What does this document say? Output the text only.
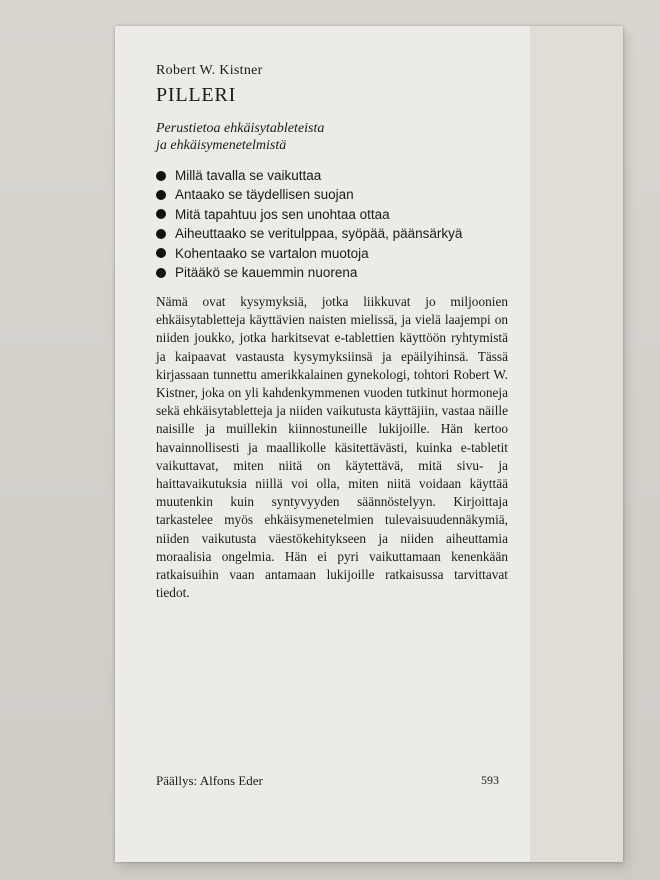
Robert W. Kistner
PILLERI
Perustietoa ehkäisytableteista
ja ehkäisymenetelmistä
Millä tavalla se vaikuttaa
Antaako se täydellisen suojan
Mitä tapahtuu jos sen unohtaa ottaa
Aiheuttaako se veritulppaa, syöpää, päänsärkyä
Kohentaako se vartalon muotoja
Pitääkö se kauemmin nuorena

Nämä ovat kysymyksiä, jotka liikkuvat jo miljoonien ehkäisytabletteja käyttävien naisten mielissä, ja vielä laajempi on niiden joukko, jotka harkitsevat e-tablettien käyttöön ryhtymistä ja kaipaavat vastausta kysymyksiinsä ja epäilyihinsä. Tässä kirjassaan tunnettu amerikkalainen gynekologi, tohtori Robert W. Kistner, joka on yli kahdenkymmenen vuoden tutkinut hormoneja sekä ehkäisytabletteja ja niiden vaikutusta käyttäjiin, vastaa näille naisille ja muillekin kiinnostuneille lukijoille. Hän kertoo havainnollisesti ja maallikolle käsitettävästi, kuinka e-tabletit vaikuttavat, miten niitä on käytettävä, mitä sivu- ja haittavaikutuksia niillä voi olla, miten niitä voidaan käyttää muutenkin kuin syntyvyyden säännöstelyyn. Kirjoittaja tarkastelee myös ehkäisymenetelmien tulevaisuudennäkymiä, niiden vaikutusta väestökehitykseen ja niiden aiheuttamia moraalisia ongelmia. Hän ei pyri vaikuttamaan kenenkään ratkaisuihin vaan antamaan lukijoille ratkaisussa tarvittavat tiedot.

Päällys: Alfons Eder	593
